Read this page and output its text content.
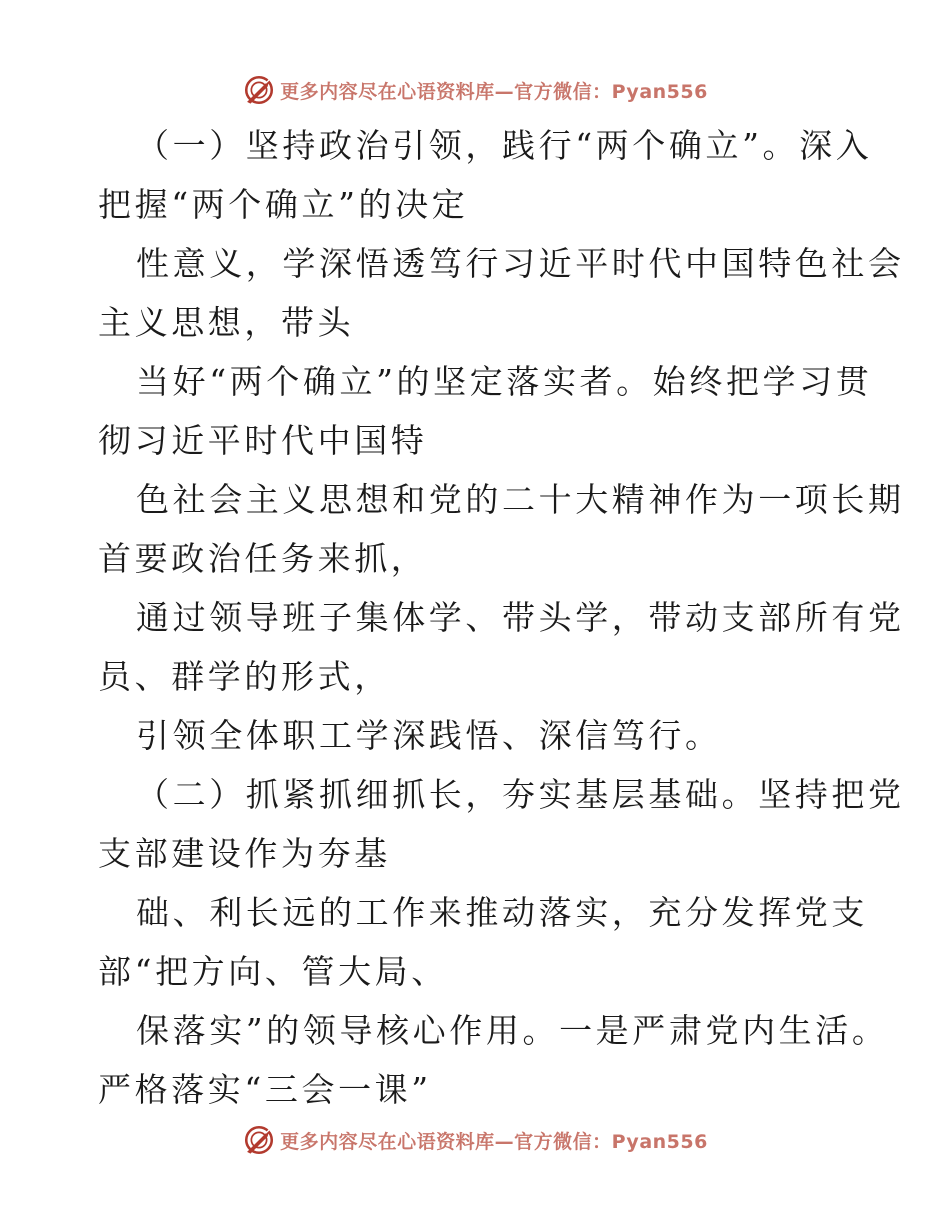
更多内容尽在心语资料库—官方微信：Pyan556
（一）坚持政治引领，践行“两个确立”。深入
把握“两个确立”的决定
性意义，学深悟透笃行习近平时代中国特色社会
主义思想，带头
当好“两个确立”的坚定落实者。始终把学习贯
彻习近平时代中国特
色社会主义思想和党的二十大精神作为一项长期
首要政治任务来抓，
通过领导班子集体学、带头学，带动支部所有党
员、群学的形式，
引领全体职工学深践悟、深信笃行。
（二）抓紧抓细抓长，夯实基层基础。坚持把党
支部建设作为夯基
础、利长远的工作来推动落实，充分发挥党支
部“把方向、管大局、
保落实”的领导核心作用。一是严肃党内生活。
严格落实“三会一课”
更多内容尽在心语资料库—官方微信：Pyan556
